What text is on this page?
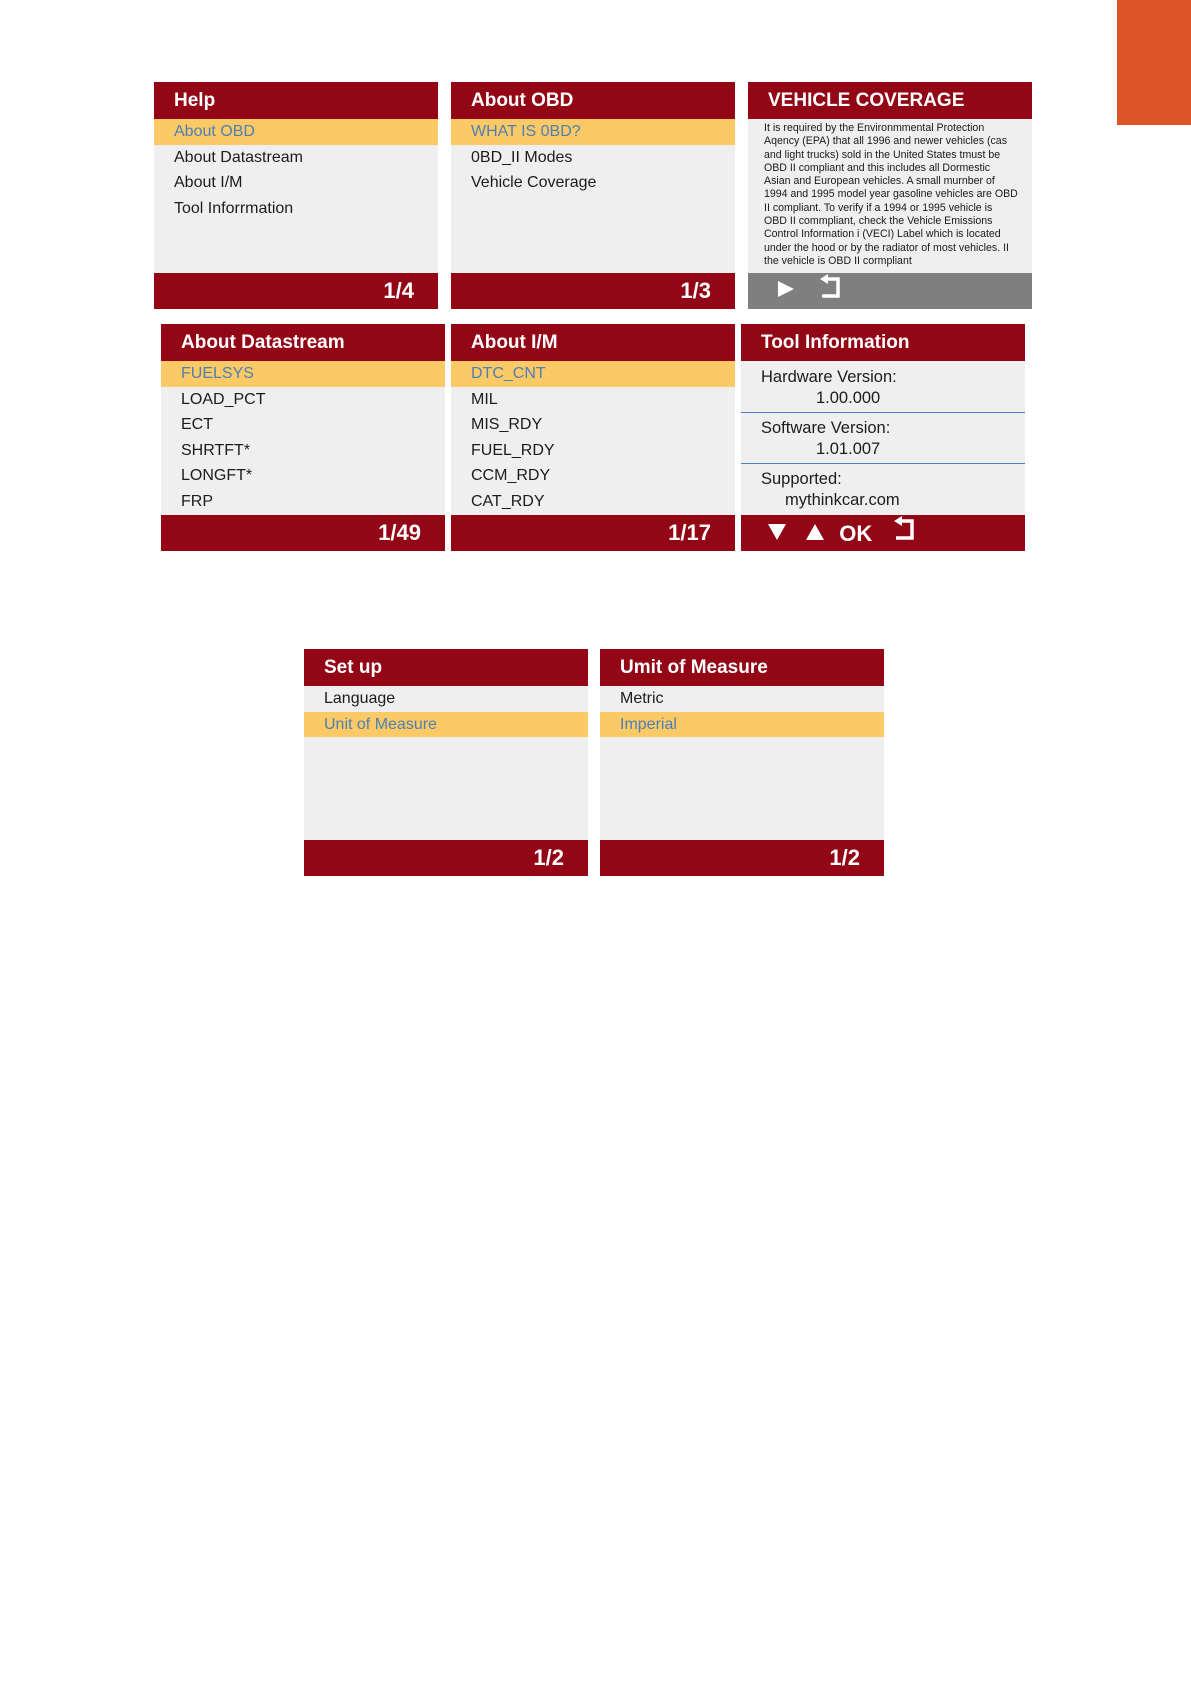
Help
About OBD
About Datastream
About I/M
Tool Inforrmation
1/4
About OBD
WHAT IS 0BD?
0BD_II Modes
Vehicle Coverage
1/3
VEHICLE COVERAGE
It is required by the Environmmental Protection Aqency (EPA) that all 1996 and newer vehicles (cas and light trucks) sold in the United States tmust be OBD II compliant and this includes all Dormestic Asian and European vehicles. A small murnber of 1994 and 1995 model year gasoline vehicles are OBD II compliant. To verify if a 1994 or 1995 vehicle is OBD II commpliant, check the Vehicle Emissions Control Information i (VECI) Label which is located under the hood or by the radiator of most vehicles. II the vehicle is OBD II cormpliant

About Datastream
FUELSYS
LOAD_PCT
ECT
SHRTFT*
LONGFT*
FRP
1/49
About I/M
DTC_CNT
MIL
MIS_RDY
FUEL_RDY
CCM_RDY
CAT_RDY
1/17
Tool Information
Hardware Version:
1.00.000
Software Version:
1.01.007
Supported:
mythinkcar.com
OK
Set up
Language
Unit of Measure
1/2
Umit of Measure
Metric
Imperial
1/2
